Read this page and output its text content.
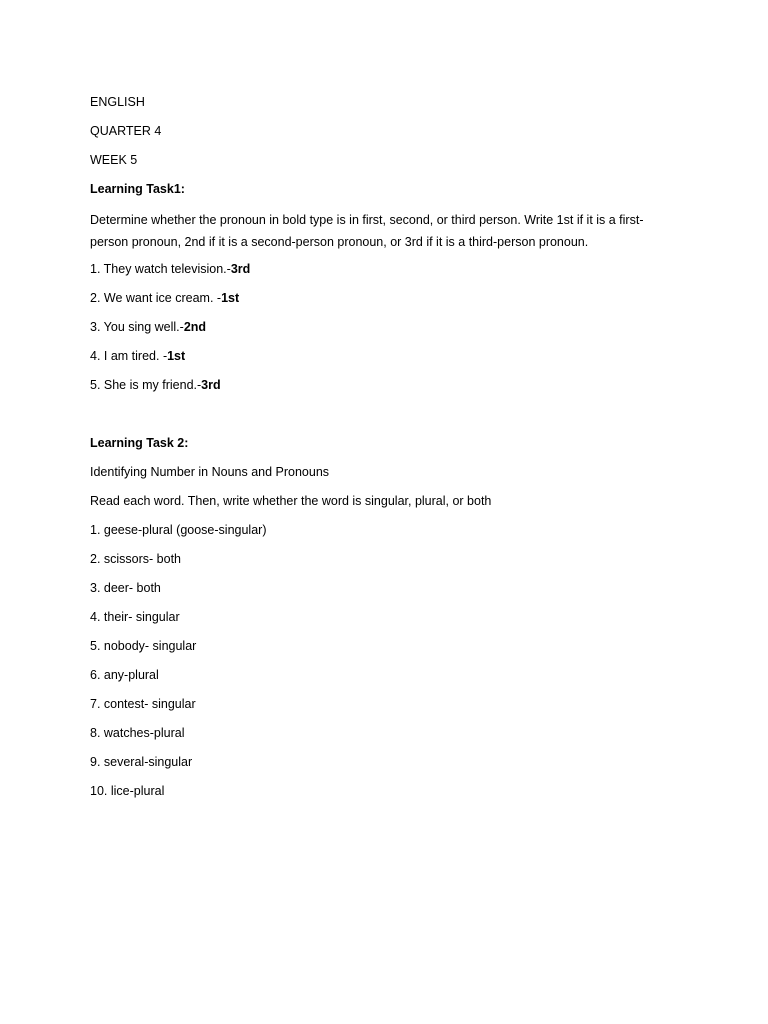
ENGLISH
QUARTER 4
WEEK 5
Learning Task1:
Determine whether the pronoun in bold type is in first, second, or third person. Write 1st if it is a first-person pronoun, 2nd if it is a second-person pronoun, or 3rd if it is a third-person pronoun.
1. They watch television.-3rd
2. We want ice cream. -1st
3. You sing well.-2nd
4. I am tired. -1st
5. She is my friend.-3rd
Learning Task 2:
Identifying Number in Nouns and Pronouns
Read each word. Then, write whether the word is singular, plural, or both
1. geese-plural (goose-singular)
2. scissors- both
3. deer- both
4. their- singular
5. nobody- singular
6. any-plural
7. contest- singular
8. watches-plural
9. several-singular
10. lice-plural
